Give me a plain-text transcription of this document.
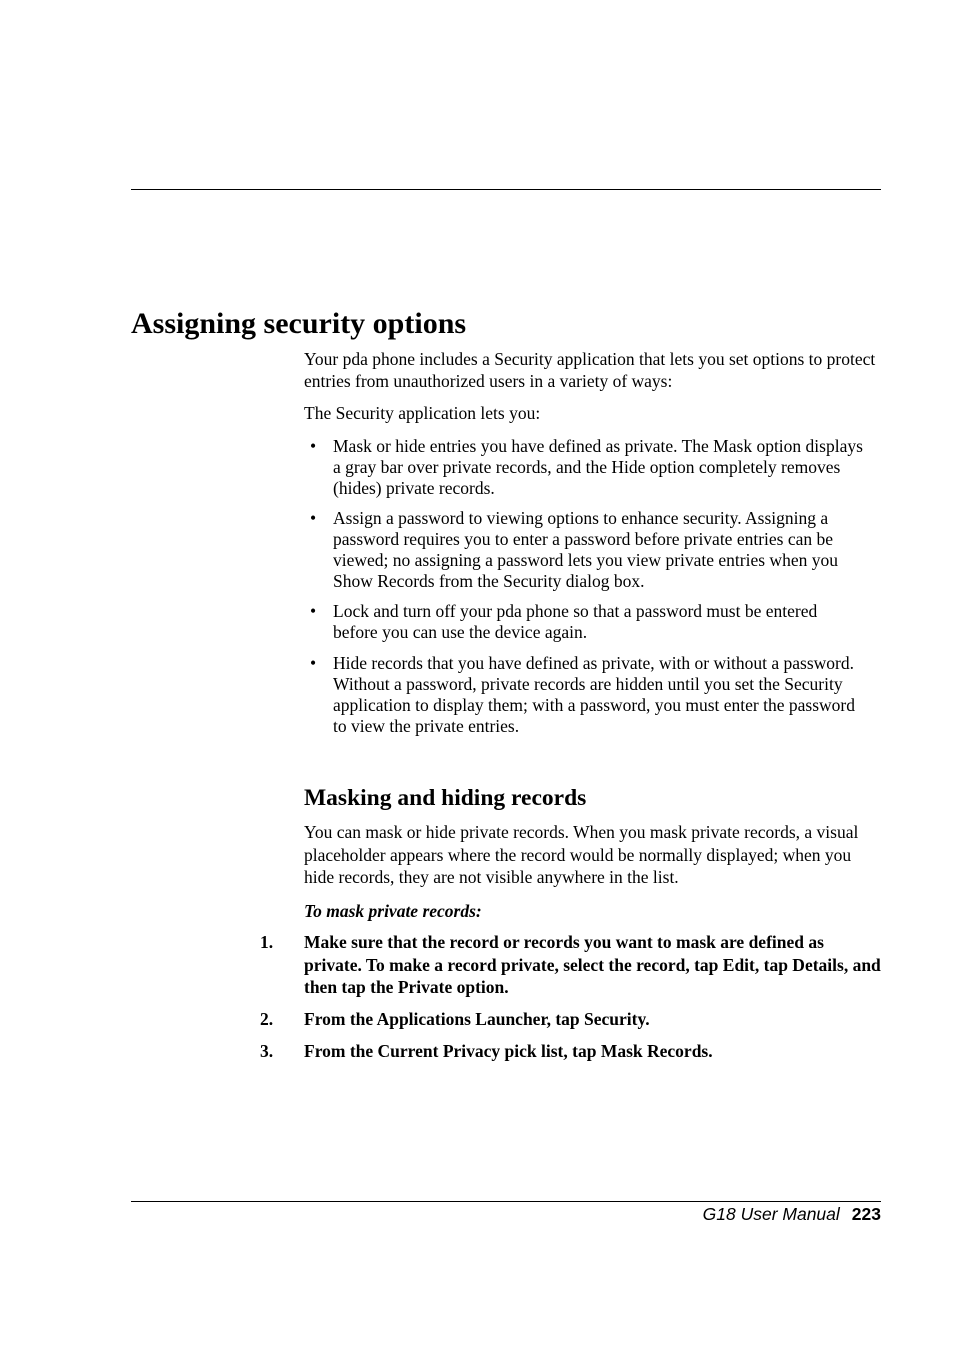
Assigning security options
Your pda phone includes a Security application that lets you set options to protect entries from unauthorized users in a variety of ways:
The Security application lets you:
• Mask or hide entries you have defined as private. The Mask option displays a gray bar over private records, and the Hide option completely removes (hides) private records.
• Assign a password to viewing options to enhance security. Assigning a password requires you to enter a password before private entries can be viewed; no assigning a password lets you view private entries when you Show Records from the Security dialog box.
• Lock and turn off your pda phone so that a password must be entered before you can use the device again.
• Hide records that you have defined as private, with or without a password. Without a password, private records are hidden until you set the Security application to display them; with a password, you must enter the password to view the private entries.
Masking and hiding records
You can mask or hide private records. When you mask private records, a visual placeholder appears where the record would be normally displayed; when you hide records, they are not visible anywhere in the list.
To mask private records:
1. Make sure that the record or records you want to mask are defined as private. To make a record private, select the record, tap Edit, tap Details, and then tap the Private option.
2. From the Applications Launcher, tap Security.
3. From the Current Privacy pick list, tap Mask Records.
G18 User Manual 223
